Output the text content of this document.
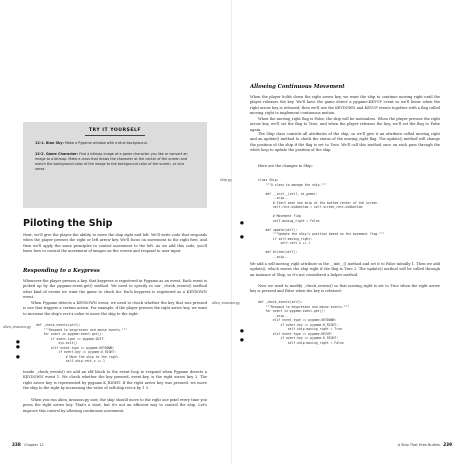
TRY IT YOURSELF

12-1. Blue Sky: Make a Pygame window with a blue background.

12-2. Game Character: Find a bitmap image of a game character you like or convert an image to a bitmap. Make a class that draws the character at the center of the screen and match the background color of the image to the background color of the screen, or vice versa.

Piloting the Ship

Next, we'll give the player the ability to move the ship right and left. We'll write code that responds when the player presses the right or left arrow key. We'll focus on movement to the right first, and then we'll apply the same principles to control movement to the left. As we add this code, you'll learn how to control the movement of images on the screen and respond to user input.

Responding to a Keypress

Whenever the player presses a key, that keypress is registered in Pygame as an event. Each event is picked up by the pygame.event.get() method. We need to specify in our _check_events() method what kind of events we want the game to check for. Each keypress is registered as a KEYDOWN event.

When Pygame detects a KEYDOWN event, we need to check whether the key that was pressed is one that triggers a certain action. For example, if the player presses the right arrow key, we want to increase the ship's rect.x value to move the ship to the right:

alien_invasion.py def _check_events(self):
"""Respond to keypresses and mouse events."""
for event in pygame.event.get():
if event.type == pygame.QUIT:
sys.exit()
elif event.type == pygame.KEYDOWN:
if event.key == pygame.K_RIGHT:
# Move the ship to the right.
self.ship.rect.x += 1
●
●
●

Inside _check_events() we add an elif block to the event loop to respond when Pygame detects a KEYDOWN event 1. We check whether the key pressed, event.key, is the right arrow key 2. The right arrow key is represented by pygame.K_RIGHT. If the right arrow key was pressed, we move the ship to the right by increasing the value of self.ship.rect.x by 1 3.

When you run alien_invasion.py now, the ship should move to the right one pixel every time you press the right arrow key. That's a start, but it's not an efficient way to control the ship. Let's improve this control by allowing continuous movement.

238 Chapter 12
Allowing Continuous Movement

When the player holds down the right arrow key, we want the ship to continue moving right until the player releases the key. We'll have the game detect a pygame.KEYUP event so we'll know when the right arrow key is released; then we'll use the KEYDOWN and KEYUP events together with a flag called moving_right to implement continuous motion.

When the moving_right flag is False, the ship will be motionless. When the player presses the right arrow key, we'll set the flag to True, and when the player releases the key, we'll set the flag to False again.

The Ship class controls all attributes of the ship, so we'll give it an attribute called moving_right and an update() method to check the status of the moving_right flag. The update() method will change the position of the ship if the flag is set to True. We'll call this method once on each pass through the while loop to update the position of the ship.

Here are the changes to Ship:

ship.py	class Ship:
"""A class to manage the ship."""

def __init__(self, ai_game):
--snip--
# Start each new ship at the bottom center of the screen.
self.rect.midbottom = self.screen_rect.midbottom

# Movement flag
self.moving_right = False

def update(self):
"""Update the ship's position based on the movement flag."""
if self.moving_right:
self.rect.x += 1

def blitme(self):
--snip--
●
●

We add a self.moving_right attribute in the __init__() method and set it to False initially 1. Then we add update(), which moves the ship right if the flag is True 2. The update() method will be called through an instance of Ship, so it's not considered a helper method.

Now we need to modify _check_events() so that moving_right is set to True when the right arrow key is pressed and False when the key is released:

alien_invasion.py	def _check_events(self):
"""Respond to keypresses and mouse events."""
for event in pygame.event.get():
--snip--
elif event.type == pygame.KEYDOWN:
if event.key == pygame.K_RIGHT:
self.ship.moving_right = True
elif event.type == pygame.KEYUP:
if event.key == pygame.K_RIGHT:
self.ship.moving_right = False
●
●
A Ship That Fires Bullets 239
